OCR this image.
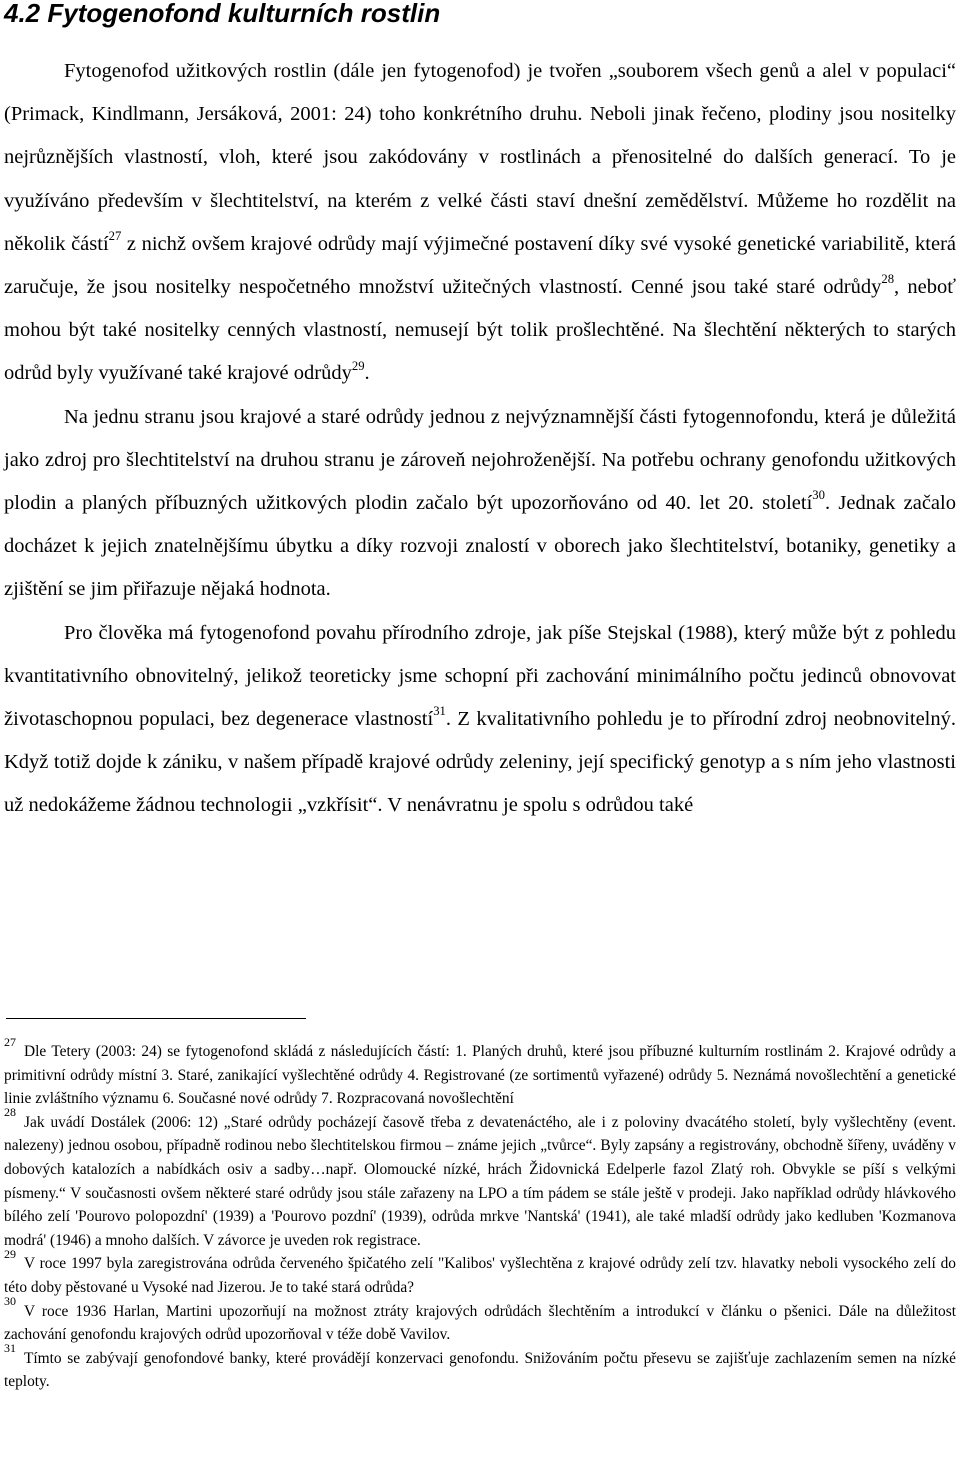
4.2 Fytogenofond kulturních rostlin

Fytogenofod užitkových rostlin (dále jen fytogenofod) je tvořen „souborem všech genů a alel v populaci“ (Primack, Kindlmann, Jersáková, 2001: 24) toho konkrétního druhu. Neboli jinak řečeno, plodiny jsou nositelky nejrůznějších vlastností, vloh, které jsou zakódovány v rostlinách a přenositelné do dalších generací. To je využíváno především v šlechtitelství, na kterém z velké části staví dnešní zemědělství. Můžeme ho rozdělit na několik částí$^{27}$ z nichž ovšem krajové odrůdy mají výjimečné postavení díky své vysoké genetické variabilitě, která zaručuje, že jsou nositelky nespočetného množství užitečných vlastností. Cenné jsou také staré odrůdy$^{28}$, neboť mohou být také nositelky cenných vlastností, nemusejí být tolik prošlechtěné. Na šlechtění některých to starých odrůd byly využívané také krajové odrůdy$^{29}$.

Na jednu stranu jsou krajové a staré odrůdy jednou z nejvýznamnější části fytogennofondu, která je důležitá jako zdroj pro šlechtitelství na druhou stranu je zároveň nejohroženější. Na potřebu ochrany genofondu užitkových plodin a planých příbuzných užitkových plodin začalo být upozorňováno od 40. let 20. století$^{30}$. Jednak začalo docházet k jejich znatelnějšímu úbytku a díky rozvoji znalostí v oborech jako šlechtitelství, botaniky, genetiky a zjištění se jim přiřazuje nějaká hodnota.

Pro člověka má fytogenofond povahu přírodního zdroje, jak píše Stejskal (1988), který může být z pohledu kvantitativního obnovitelný, jelikož teoreticky jsme schopní při zachování minimálního počtu jedinců obnovovat životaschopnou populaci, bez degenerace vlastností$^{31}$. Z kvalitativního pohledu je to přírodní zdroj neobnovitelný. Když totiž dojde k zániku, v našem případě krajové odrůdy zeleniny, její specifický genotyp a s ním jeho vlastnosti už nedokážeme žádnou technologii „vzkřísit“. V nenávratnu je spolu s odrůdou také

$^{27}$Dle Tetery (2003: 24) se fytogenofond skládá z následujících částí: 1. Planých druhů, které jsou příbuzné kulturním rostlinám 2. Krajové odrůdy a primitivní odrůdy místní 3. Staré, zanikající vyšlechtěné odrůdy 4. Registrované (ze sortimentů vyřazené) odrůdy 5. Neznámá novošlechtění a genetické linie zvláštního významu 6. Současné nové odrůdy 7. Rozpracovaná novošlechtění

$^{28}$Jak uvádí Dostálek (2006: 12) „Staré odrůdy pocházejí časově třeba z devatenáctého, ale i z poloviny dvacátého století, byly vyšlechtěny (event. nalezeny) jednou osobou, případně rodinou nebo šlechtitelskou firmou – známe jejich „tvůrce“. Byly zapsány a registrovány, obchodně šířeny, uváděny v dobových katalozích a nabídkách osiv a sadby…např. Olomoucké nízké, hrách Židovnická Edelperle fazol Zlatý roh. Obvykle se píší s velkými písmeny.“ V současnosti ovšem některé staré odrůdy jsou stále zařazeny na LPO a tím pádem se stále ještě v prodeji. Jako například odrůdy hlávkového bílého zelí 'Pourovo polopozdní' (1939) a 'Pourovo pozdní' (1939), odrůda mrkve 'Nantská' (1941), ale také mladší odrůdy jako kedluben 'Kozmanova modrá' (1946) a mnoho dalších. V závorce je uveden rok registrace.

$^{29}$V roce 1997 byla zaregistrována odrůda červeného špičatého zelí "Kalibos' vyšlechtěna z krajové odrůdy zelí tzv. hlavatky neboli vysockého zelí do této doby pěstované u Vysoké nad Jizerou. Je to také stará odrůda?

$^{30}$V roce 1936 Harlan, Martini upozorňují na možnost ztráty krajových odrůdách šlechtěním a introdukcí v článku o pšenici. Dále na důležitost zachování genofondu krajových odrůd upozorňoval v téže době Vavilov.

$^{31}$Tímto se zabývají genofondové banky, které provádějí konzervaci genofondu. Snižováním počtu přesevu se zajišťuje zachlazením semen na nízké teploty.
